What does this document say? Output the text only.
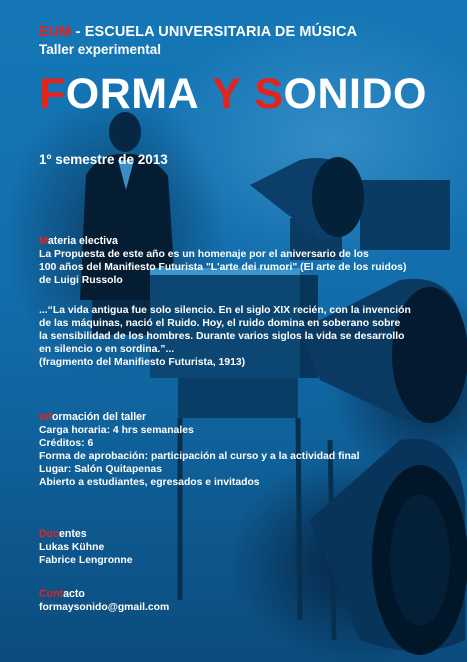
EUM - ESCUELA UNIVERSITARIA DE MÚSICA
Taller experimental
FORMA Y SONIDO
1º semestre de 2013
Materia electiva
La Propuesta de este año es un homenaje por el aniversario de los
100 años del Manifiesto Futurista "L'arte dei rumori" (El arte de los ruidos)
de Luigi Russolo
...“La vida antigua fue solo silencio. En el siglo XIX recién, con la invención
de las máquinas, nació el Ruido. Hoy, el ruido domina en soberano sobre
la sensibilidad de los hombres. Durante varios siglos la vida se desarrollo
en silencio o en sordina.”...
(fragmento del Manifiesto Futurista, 1913)
Información del taller
Carga horaria: 4 hrs semanales
Créditos: 6
Forma de aprobación: participación al curso y a la actividad final
Lugar: Salón Quitapenas
Abierto a estudiantes, egresados e invitados
Docentes
Lukas Kühne
Fabrice Lengronne
Contacto
formaysonido@gmail.com
